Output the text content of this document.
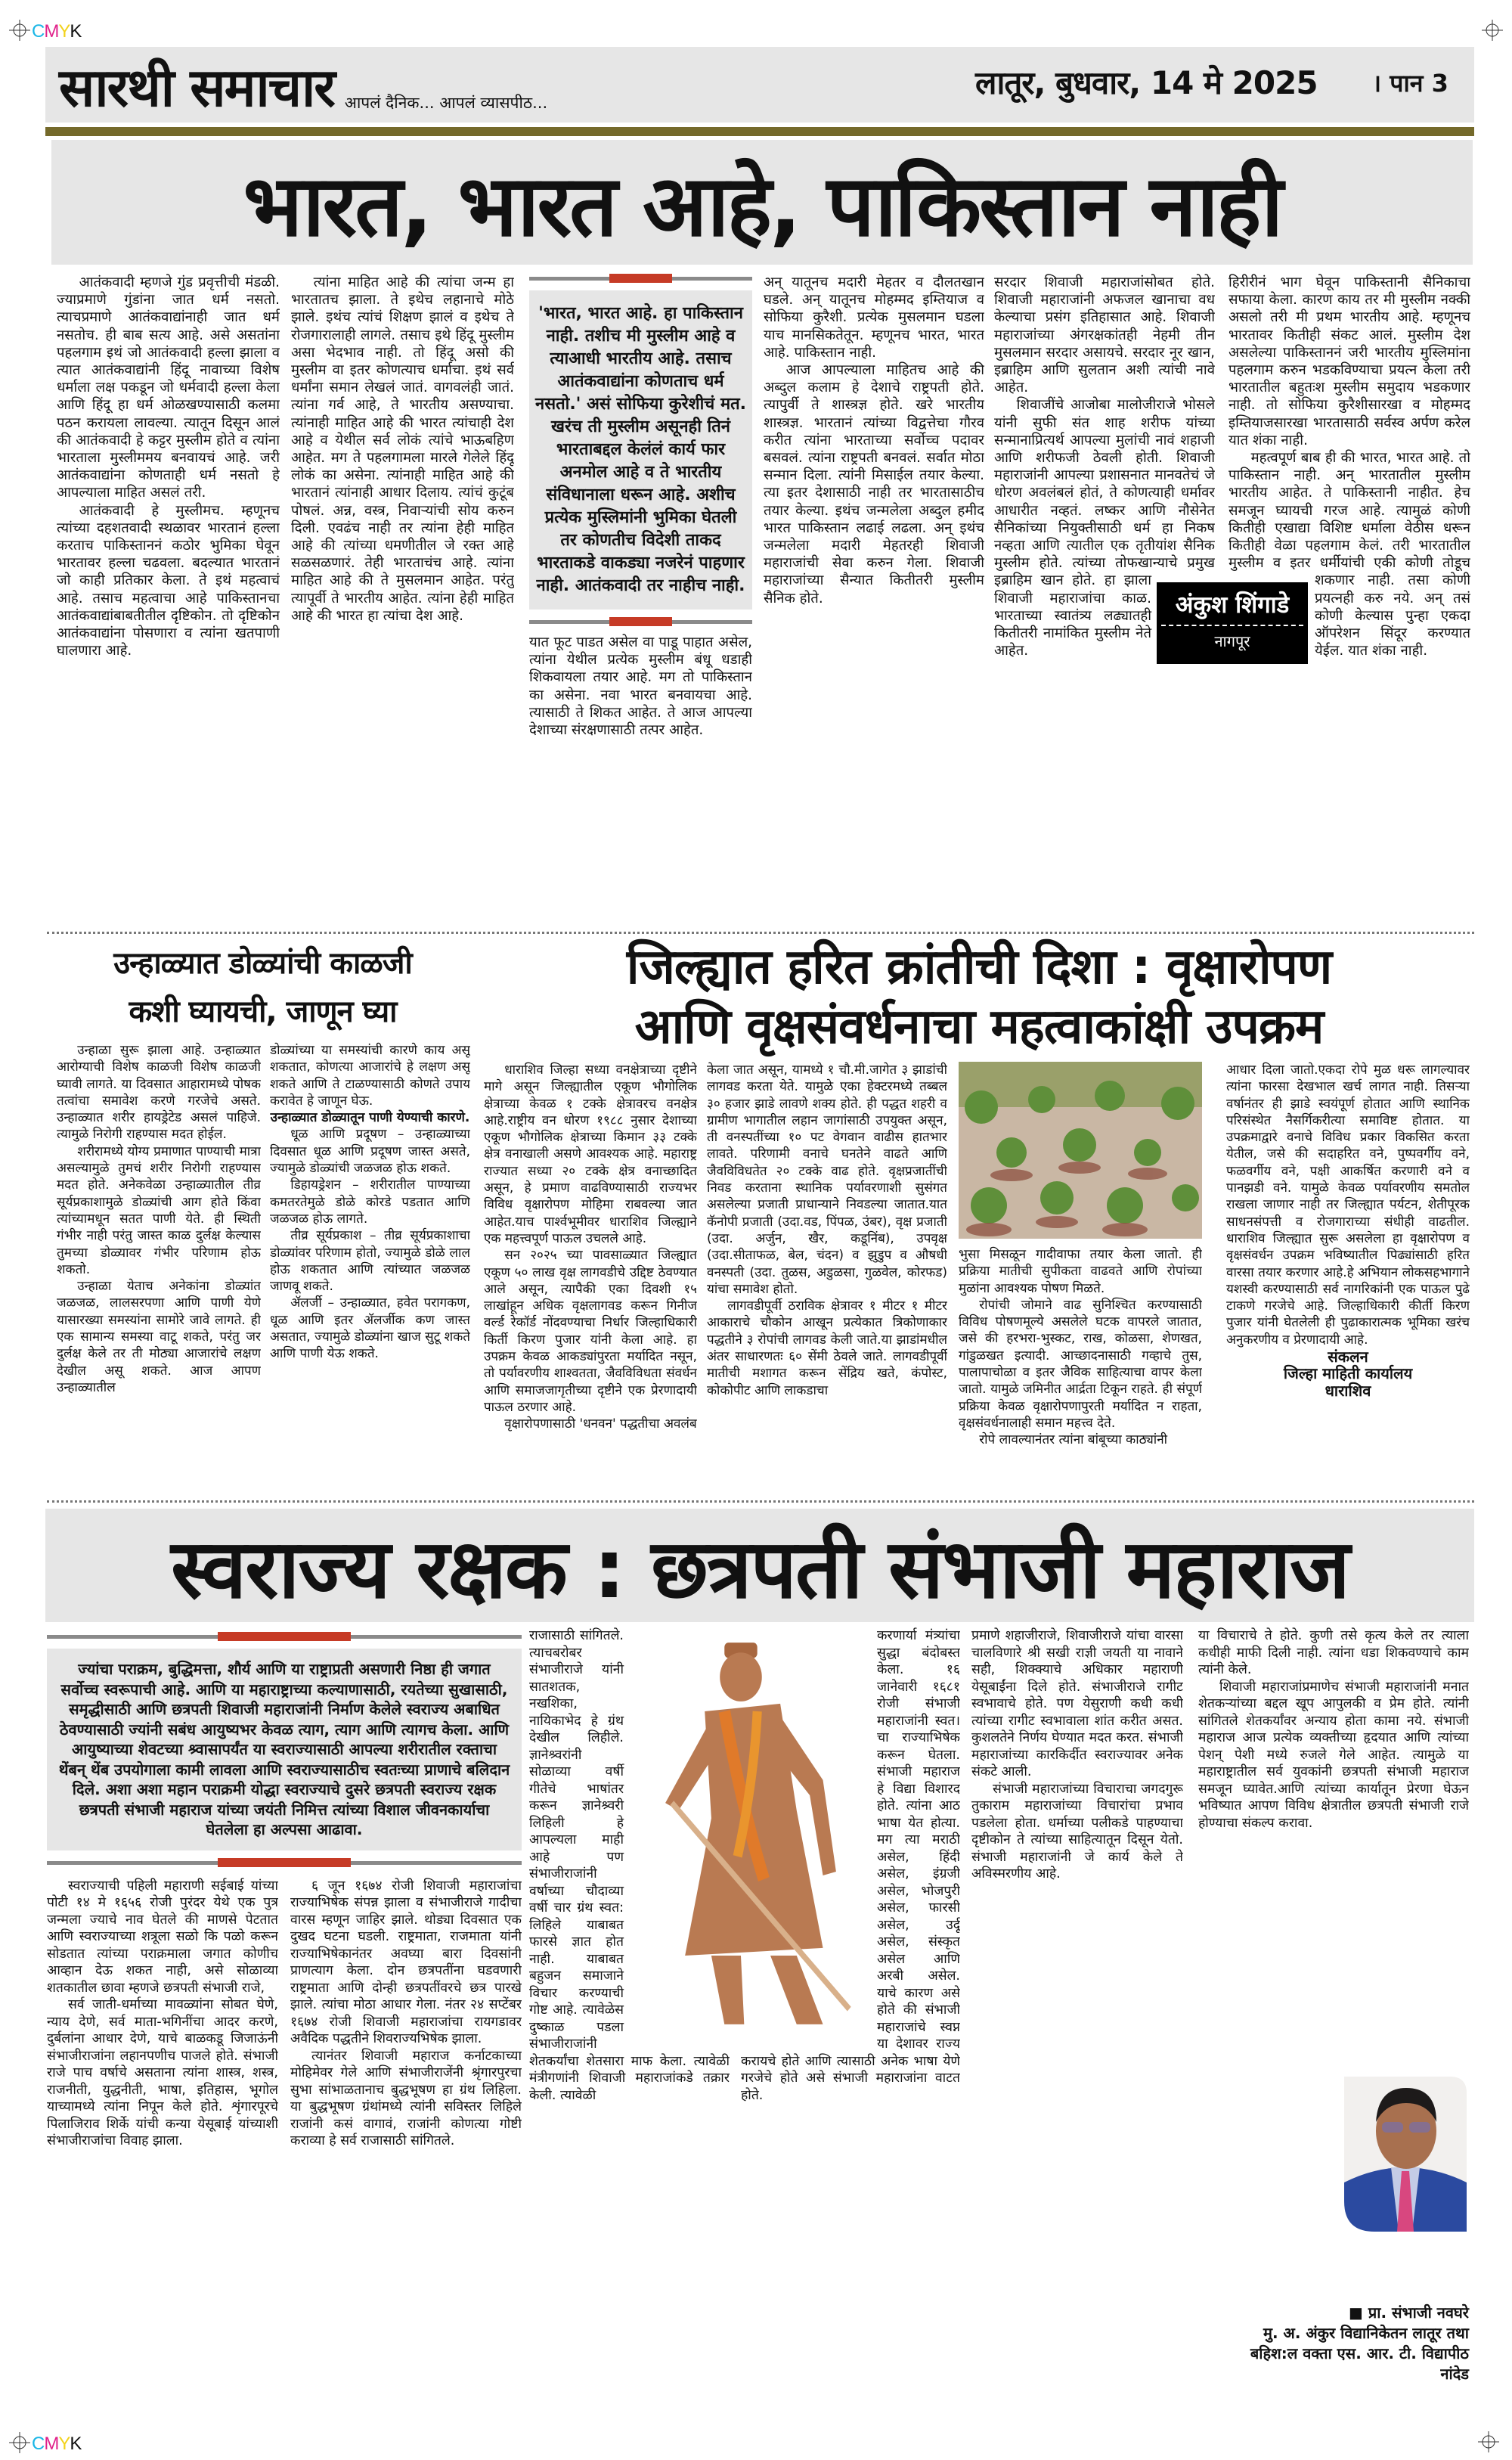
CMYK
सारथी समाचार आपलं दैनिक... आपलं व्यासपीठ...
लातूर, बुधवार, 14 मे 2025 । पान 3
भारत, भारत आहे, पाकिस्तान नाही

आतंकवादी म्हणजे गुंड प्रवृत्तीची मंडळी. ज्याप्रमाणे गुंडांना जात धर्म नसतो. त्याचप्रमाणे आतंकवाद्यांनाही जात धर्म नसतोच. ही बाब सत्य आहे. असे असतांना पहलगाम इथं जो आतंकवादी हल्ला झाला व त्यात आतंकवाद्यांनी हिंदू नावाच्या विशेष धर्माला लक्ष पकडून जो धर्मवादी हल्ला केला आणि हिंदू हा धर्म ओळखण्यासाठी कलमा पठन करायला लावल्या. त्यातून दिसून आलं की आतंकवादी हे कट्टर मुस्लीम होते व त्यांना भारताला मुस्लीममय बनवायचं आहे. जरी आतंकवाद्यांना कोणताही धर्म नसतो हे आपल्याला माहित असलं तरी.

आतंकवादी हे मुस्लीमच. म्हणूनच त्यांच्या दहशतवादी स्थळावर भारतानं हल्ला करताच पाकिस्ताननं कठोर भुमिका घेवून भारतावर हल्ला चढवला. बदल्यात भारतानं जो काही प्रतिकार केला. ते इथं महत्वाचं आहे. तसाच महत्वाचा आहे पाकिस्तानचा आतंकवाद्यांबाबतीतील दृष्टिकोन. तो दृष्टिकोन आतंकवाद्यांना पोसणारा व त्यांना खतपाणी घालणारा आहे.

त्यांना माहित आहे की त्यांचा जन्म हा भारतातच झाला. ते इथेच लहानाचे मोठे झाले. इथंच त्यांचं शिक्षण झालं व इथेच ते रोजगारालाही लागले. तसाच इथे हिंदू मुस्लीम असा भेदभाव नाही. तो हिंदू असो की मुस्लीम वा इतर कोणत्याच धर्माचा. इथं सर्व धर्मांना समान लेखलं जातं. वागवलंही जातं. त्यांना गर्व आहे, ते भारतीय असण्याचा. त्यांनाही माहित आहे की भारत त्यांचाही देश आहे व येथील सर्व लोकं त्यांचे भाऊबहिण आहेत. मग ते पहलगामला मारले गेलेले हिंदू लोकं का असेना. त्यांनाही माहित आहे की भारतानं त्यांनाही आधार दिलाय. त्यांचं कुटूंब पोषलं. अन्न, वस्त्र, निवाऱ्यांची सोय करुन दिली. एवढंच नाही तर त्यांना हेही माहित आहे की त्यांच्या धमणीतील जे रक्त आहे सळसळणारं. तेही भारताचंच आहे. त्यांना माहित आहे की ते मुसलमान आहेत. परंतु त्यापूर्वी ते भारतीय आहेत. त्यांना हेही माहित आहे की भारत हा त्यांचा देश आहे.

'भारत, भारत आहे. हा पाकिस्तान नाही. तशीच मी मुस्लीम आहे व त्याआधी भारतीय आहे. तसाच आतंकवाद्यांना कोणताच धर्म नसतो.' असं सोफिया कुरेशीचं मत. खरंच ती मुस्लीम असूनही तिनं भारताबद्दल केलंलं कार्य फार अनमोल आहे व ते भारतीय संविधानाला धरून आहे. अशीच प्रत्येक मुस्लिमांनी भुमिका घेतली तर कोणतीच विदेशी ताकद भारताकडे वाकड्या नजरेनं पाहणार नाही. आतंकवादी तर नाहीच नाही.

यात फूट पाडत असेल वा पाडू पाहात असेल, त्यांना येथील प्रत्येक मुस्लीम बंधू धडाही शिकवायला तयार आहे. मग तो पाकिस्तान का असेना. नवा भारत बनवायचा आहे. त्यासाठी ते शिकत आहेत. ते आज आपल्या देशाच्या संरक्षणासाठी तत्पर आहेत.

अन् यातूनच मदारी मेहतर व दौलतखान घडले. अन् यातूनच मोहम्मद इम्तियाज व सोफिया कुरैशी. प्रत्येक मुसलमान घडला याच मानसिकतेतून. म्हणूनच भारत, भारत आहे. पाकिस्तान नाही.

आज आपल्याला माहितच आहे की अब्दुल कलाम हे देशाचे राष्ट्रपती होते. त्यापुर्वी ते शास्त्रज्ञ होते. खरे भारतीय शास्त्रज्ञ. भारतानं त्यांच्या विद्वत्तेचा गौरव करीत त्यांना भारताच्या सर्वोच्च पदावर बसवलं. त्यांना राष्ट्रपती बनवलं. सर्वात मोठा सन्मान दिला. त्यांनी मिसाईल तयार केल्या. त्या इतर देशासाठी नाही तर भारतासाठीच तयार केल्या. इथंच जन्मलेला अब्दुल हमीद भारत पाकिस्तान लढाई लढला. अन् इथंच जन्मलेला मदारी मेहतरही शिवाजी महाराजांची सेवा करुन गेला. शिवाजी महाराजांच्या सैन्यात कितीतरी मुस्लीम सैनिक होते.

सरदार शिवाजी महाराजांसोबत होते. शिवाजी महाराजांनी अफजल खानाचा वध केल्याचा प्रसंग इतिहासात आहे. शिवाजी महाराजांच्या अंगरक्षकांतही नेहमी तीन मुसलमान सरदार असायचे. सरदार नूर खान, इब्राहिम आणि सुलतान अशी त्यांची नावे आहेत.

शिवाजींचे आजोबा मालोजीराजे भोसले यांनी सुफी संत शाह शरीफ यांच्या सन्मानाप्रित्यर्थ आपल्या मुलांची नावं शहाजी आणि शरीफजी ठेवली होती. शिवाजी महाराजांनी आपल्या प्रशासनात मानवतेचं जे धोरण अवलंबलं होतं, ते कोणत्याही धर्मावर आधारीत नव्हतं. लष्कर आणि नौसेनेत सैनिकांच्या नियुक्तीसाठी धर्म हा निकष नव्हता आणि त्यातील एक तृतीयांश सैनिक मुस्लीम होते. त्यांच्या तोफखान्याचे प्रमुख इब्राहिम खान होते. हा झाला शिवाजी महाराजांचा काळ. भारताच्या स्वातंत्र्य लढ्यातही कितीतरी नामांकित मुस्लीम नेते आहेत.

हिरीरीनं भाग घेवून पाकिस्तानी सैनिकाचा सफाया केला. कारण काय तर मी मुस्लीम नक्की असलो तरी मी प्रथम भारतीय आहे. म्हणूनच भारतावर कितीही संकट आलं. मुस्लीम देश असलेल्या पाकिस्ताननं जरी भारतीय मुस्लिमांना पहलगाम करुन भडकविण्याचा प्रयत्न केला तरी भारतातील बहुतःश मुस्लीम समुदाय भडकणार नाही. तो सोफिया कुरैशीसारखा व मोहम्मद इम्तियाजसारखा भारतासाठी सर्वस्व अर्पण करेल यात शंका नाही.

महत्वपूर्ण बाब ही की भारत, भारत आहे. तो पाकिस्तान नाही. अन् भारतातील मुस्लीम भारतीय आहेत. ते पाकिस्तानी नाहीत. हेच समजून घ्यायची गरज आहे. त्यामुळं कोणी कितीही एखाद्या विशिष्ट धर्माला वेठीस धरून कितीही वेळा पहलगाम केलं. तरी भारतातील मुस्लीम व इतर धर्मीयांची एकी कोणी तोडूच शकणार नाही. तसा कोणी प्रयत्नही करु नये. अन् तसं कोणी केल्यास पुन्हा एकदा ऑपरेशन सिंदूर करण्यात येईल. यात शंका नाही.

अंकुश शिंगाडे
नागपूर
उन्हाळ्यात डोळ्यांची काळजी
कशी घ्यायची, जाणून घ्या

उन्हाळा सुरू झाला आहे. उन्हाळ्यात आरोग्याची विशेष काळजी विशेष काळजी घ्यावी लागते. या दिवसात आहारामध्ये पोषक तत्वांचा समावेश करणे गरजेचे असते. उन्हाळ्यात शरीर हायड्रेटेड असलं पाहिजे. त्यामुळे निरोगी राहण्यास मदत होईल.

शरीरामध्ये योग्य प्रमाणात पाण्याची मात्रा असल्यामुळे तुमचं शरीर निरोगी राहण्यास मदत होते. अनेकवेळा उन्हाळ्यातील तीव्र सूर्यप्रकाशामुळे डोळ्यांची आग होते किंवा त्यांच्यामधून सतत पाणी येते. ही स्थिती गंभीर नाही परंतु जास्त काळ दुर्लक्ष केल्यास तुमच्या डोळ्यावर गंभीर परिणाम होऊ शकतो.

उन्हाळा येताच अनेकांना डोळ्यांत जळजळ, लालसरपणा आणि पाणी येणे यासारख्या समस्यांना सामोरे जावे लागते. ही एक सामान्य समस्या वाटू शकते, परंतु जर दुर्लक्ष केले तर ती मोठ्या आजारांचे लक्षण देखील असू शकते. आज आपण उन्हाळ्यातील

डोळ्यांच्या या समस्यांची कारणे काय असू शकतात, कोणत्या आजारांचे हे लक्षण असू शकते आणि ते टाळण्यासाठी कोणते उपाय करावेत हे जाणून घेऊ.

उन्हाळ्यात डोळ्यातून पाणी येण्याची कारणे.

धूळ आणि प्रदूषण – उन्हाळ्याच्या दिवसात धूळ आणि प्रदूषण जास्त असते, ज्यामुळे डोळ्यांची जळजळ होऊ शकते.

डिहायड्रेशन – शरीरातील पाण्याच्या कमतरतेमुळे डोळे कोरडे पडतात आणि जळजळ होऊ लागते.

तीव्र सूर्यप्रकाश – तीव्र सूर्यप्रकाशाचा डोळ्यांवर परिणाम होतो, ज्यामुळे डोळे लाल होऊ शकतात आणि त्यांच्यात जळजळ जाणवू शकते.

ॲलर्जी – उन्हाळ्यात, हवेत परागकण, धूळ आणि इतर ॲलर्जीक कण जास्त असतात, ज्यामुळे डोळ्यांना खाज सुटू शकते आणि पाणी येऊ शकते.

जिल्ह्यात हरित क्रांतीची दिशा : वृक्षारोपण
आणि वृक्षसंवर्धनाचा महत्वाकांक्षी उपक्रम

धाराशिव जिल्हा सध्या वनक्षेत्राच्या दृष्टीने मागे असून जिल्ह्यातील एकूण भौगोलिक क्षेत्राच्या केवळ १ टक्के क्षेत्रावरच वनक्षेत्र आहे.राष्ट्रीय वन धोरण १९८८ नुसार देशाच्या एकूण भौगोलिक क्षेत्राच्या किमान ३३ टक्के क्षेत्र वनाखाली असणे आवश्यक आहे. महाराष्ट्र राज्यात सध्या २० टक्के क्षेत्र वनाच्छादित असून, हे प्रमाण वाढविण्यासाठी राज्यभर विविध वृक्षारोपण मोहिमा राबवल्या जात आहेत.याच पार्श्वभूमीवर धाराशिव जिल्ह्याने एक महत्त्वपूर्ण पाऊल उचलले आहे.

सन २०२५ च्या पावसाळ्यात जिल्ह्यात एकूण ५० लाख वृक्ष लागवडीचे उद्दिष्ट ठेवण्यात आले असून, त्यापैकी एका दिवशी १५ लाखांहून अधिक वृक्षलागवड करून गिनीज वर्ल्ड रेकॉर्ड नोंदवण्याचा निर्धार जिल्हाधिकारी किर्ती किरण पुजार यांनी केला आहे. हा उपक्रम केवळ आकड्यांपुरता मर्यादित नसून, तो पर्यावरणीय शाश्वतता, जैवविविधता संवर्धन आणि समाजजागृतीच्या दृष्टीने एक प्रेरणादायी पाऊल ठरणार आहे.

वृक्षारोपणासाठी 'धनवन' पद्धतीचा अवलंब

केला जात असून, यामध्ये १ चौ.मी.जागेत ३ झाडांची लागवड करता येते. यामुळे एका हेक्टरमध्ये तब्बल ३० हजार झाडे लावणे शक्य होते. ही पद्धत शहरी व ग्रामीण भागातील लहान जागांसाठी उपयुक्त असून, ती वनस्पतींच्या १० पट वेगवान वाढीस हातभार लावते. परिणामी वनाचे घनतेने वाढते आणि जैवविविधतेत २० टक्के वाढ होते. वृक्षप्रजातींची निवड करताना स्थानिक पर्यावरणाशी सुसंगत असलेल्या प्रजाती प्राधान्याने निवडल्या जातात.यात कॅनोपी प्रजाती (उदा.वड, पिंपळ, उंबर), वृक्ष प्रजाती (उदा. अर्जुन, खैर, कडूनिंब), उपवृक्ष (उदा.सीताफळ, बेल, चंदन) व झुडुप व औषधी वनस्पती (उदा. तुळस, अडुळसा, गुळवेल, कोरफड) यांचा समावेश होतो.

लागवडीपूर्वी ठराविक क्षेत्रावर १ मीटर १ मीटर आकाराचे चौकोन आखून प्रत्येकात त्रिकोणाकार पद्धतीने ३ रोपांची लागवड केली जाते.या झाडांमधील अंतर साधारणतः ६० सेंमी ठेवले जाते. लागवडीपूर्वी मातीची मशागत करून सेंद्रिय खते, कंपोस्ट, कोकोपीट आणि लाकडाचा

भुसा मिसळून गादीवाफा तयार केला जातो. ही प्रक्रिया मातीची सुपीकता वाढवते आणि रोपांच्या मुळांना आवश्यक पोषण मिळते.

रोपांची जोमाने वाढ सुनिश्चित करण्यासाठी विविध पोषणमूल्ये असलेले घटक वापरले जातात, जसे की हरभरा-भुस्कट, राख, कोळसा, शेणखत, गांडुळखत इत्यादी. आच्छादनासाठी गव्हाचे तुस, पालापाचोळा व इतर जैविक साहित्याचा वापर केला जातो. यामुळे जमिनीत आर्द्रता टिकून राहते. ही संपूर्ण प्रक्रिया केवळ वृक्षारोपणापुरती मर्यादित न राहता, वृक्षसंवर्धनालाही समान महत्त्व देते.

रोपे लावल्यानंतर त्यांना बांबूच्या काठ्यांनी

आधार दिला जातो.एकदा रोपे मुळ धरू लागल्यावर त्यांना फारसा देखभाल खर्च लागत नाही. तिसऱ्या वर्षानंतर ही झाडे स्वयंपूर्ण होतात आणि स्थानिक परिसंस्थेत नैसर्गिकरीत्या समाविष्ट होतात. या उपक्रमाद्वारे वनाचे विविध प्रकार विकसित करता येतील, जसे की सदाहरित वने, पुष्पवर्गीय वने, फळवर्गीय वने, पक्षी आकर्षित करणारी वने व पानझडी वने. यामुळे केवळ पर्यावरणीय समतोल राखला जाणार नाही तर जिल्ह्यात पर्यटन, शेतीपूरक साधनसंपत्ती व रोजगाराच्या संधीही वाढतील. धाराशिव जिल्ह्यात सुरू असलेला हा वृक्षारोपण व वृक्षसंवर्धन उपक्रम भविष्यातील पिढ्यांसाठी हरित वारसा तयार करणार आहे.हे अभियान लोकसहभागाने यशस्वी करण्यासाठी सर्व नागरिकांनी एक पाऊल पुढे टाकणे गरजेचे आहे. जिल्हाधिकारी कीर्ती किरण पुजार यांनी घेतलेली ही पुढाकारात्मक भूमिका खरंच अनुकरणीय व प्रेरणादायी आहे.

संकलन

जिल्हा माहिती कार्यालय

धाराशिव

स्वराज्य रक्षक : छत्रपती संभाजी महाराज
ज्यांचा पराक्रम, बुद्धिमत्ता, शौर्य आणि या राष्ट्राप्रती असणारी निष्ठा ही जगात सर्वोच्च स्वरूपाची आहे. आणि या महाराष्ट्राच्या कल्याणासाठी, रयतेच्या सुखासाठी, समृद्धीसाठी आणि छत्रपती शिवाजी महाराजांनी निर्माण केलेले स्वराज्य अबाधित ठेवण्यासाठी ज्यांनी सबंध आयुष्यभर केवळ त्याग, त्याग आणि त्यागच केला. आणि आयुष्याच्या शेवटच्या श्र्वासापर्यंत या स्वराज्यासाठी आपल्या शरीरातील रक्ताचा थेंबन् थेंब उपयोगाला कामी लावला आणि स्वराज्यासाठीच स्वतःच्या प्राणाचे बलिदान दिले. अशा अशा महान पराक्रमी योद्धा स्वराज्याचे दुसरे छत्रपती स्वराज्य रक्षक छत्रपती संभाजी महाराज यांच्या जयंती निमित्त त्यांच्या विशाल जीवनकार्याचा घेतलेला हा अल्पसा आढावा.

स्वराज्याची पहिली महाराणी सईबाई यांच्या पोटी १४ मे १६५६ रोजी पुरंदर येथे एक पुत्र जन्मला ज्याचे नाव घेतले की माणसे पेटतात आणि स्वराज्याच्या शत्रूला सळो कि पळो करून सोडतात त्यांच्या पराक्रमाला जगात कोणीच आव्हान देऊ शकत नाही, असे सोळाव्या शतकातील छावा म्हणजे छत्रपती संभाजी राजे,

सर्व जाती-धर्माच्या मावळ्यांना सोबत घेणे, न्याय देणे, सर्व माता-भगिनींचा आदर करणे, दुर्बलांना आधार देणे, याचे बाळकडू जिजाऊंनी संभाजीराजांना लहानपणीच पाजले होते. संभाजी राजे पाच वर्षाचे असताना त्यांना शास्त्र, शस्त्र, राजनीती, युद्धनीती, भाषा, इतिहास, भूगोल याच्यामध्ये त्यांना निपून केले होते. शृंगारपूरचे पिलाजिराव शिर्के यांची कन्या येसूबाई यांच्याशी संभाजीराजांचा विवाह झाला.

६ जून १६७४ रोजी शिवाजी महाराजांचा राज्याभिषेक संपन्न झाला व संभाजीराजे गादीचा वारस म्हणून जाहिर झाले. थोड्या दिवसात एक दुखद घटना घडली. राष्ट्रमाता, राजमाता यांनी राज्याभिषेकानंतर अवघ्या बारा दिवसांनी प्राणत्याग केला. दोन छत्रपतींना घडवणारी राष्ट्रमाता आणि दोन्ही छत्रपतींवरचे छत्र पारखे झाले. त्यांचा मोठा आधार गेला. नंतर २४ सप्टेंबर १६७४ रोजी शिवाजी महाराजांचा रायगडावर अवैदिक पद्धतीने शिवराज्यभिषेक झाला.

त्यानंतर शिवाजी महाराज कर्नाटकाच्या मोहिमेवर गेले आणि संभाजीराजेंनी श्रृंगारपुरचा सुभा सांभाळतानाच बुद्धभूषण हा ग्रंथ लिहिला. या बुद्धभूषण ग्रंथांमध्ये त्यांनी सविस्तर लिहिले राजांनी कसं वागावं, राजांनी कोणत्या गोष्टी कराव्या हे सर्व राजासाठी सांगितले.

राजासाठी सांगितले. त्याचबरोबर संभाजीराजे यांनी सातशतक, नखशिका, नायिकाभेद हे ग्रंथ देखील लिहीले. ज्ञानेश्र्वरांनी सोळाव्या वर्षी गीतेचे भाषांतर करून ज्ञानेश्र्वरी लिहिली हे आपल्यला माही आहे पण संभाजीराजांनी वर्षाच्या चौदाव्या वर्षी चार ग्रंथ स्वत: लिहिले याबाबत फारसे ज्ञात होत नाही. याबाबत बहुजन समाजाने विचार करण्याची गोष्ट आहे. त्यावेळेस दुष्काळ पडला संभाजीराजांनी शेतकर्यांचा शेतसारा माफ केला. त्यावेळी मंत्रीगणांनी शिवाजी महाराजांकडे तक्रार केली. त्यावेळी

करणार्या मंत्र्यांचा सुद्धा बंदोबस्त केला. १६ जानेवारी १६८१ रोजी संभाजी महाराजांनी स्वत।चा राज्याभिषेक करून घेतला. संभाजी महाराज हे विद्या विशारद होते. त्यांना आठ भाषा येत होत्या. मग त्या मराठी असेल, हिंदी असेल, इंग्रजी असेल, भोजपुरी असेल, फारसी असेल, उर्दू असेल, संस्कृत असेल आणि अरबी असेल. याचे कारण असे होते की संभाजी महाराजांचे स्वप्न या देशावर राज्य करायचे होते आणि त्यासाठी अनेक भाषा येणे गरजेचे होते असे संभाजी महाराजांना वाटत होते.

प्रमाणे शहाजीराजे, शिवाजीराजे यांचा वारसा चालविणारे श्री सखी राज्ञी जयती या नावाने सही, शिक्क्याचे अधिकार महाराणी येसूबाईंना दिले होते. संभाजीराजे रागीट स्वभावाचे होते. पण येसुराणी कधी कधी त्यांच्या रागीट स्वभावाला शांत करीत असत. कुशलतेने निर्णय घेण्यात मदत करत. संभाजी महाराजांच्या कारकिर्दीत स्वराज्यावर अनेक संकटे आली.

संभाजी महाराजांच्या विचाराचा जगदगुरू तुकाराम महाराजांच्या विचारांचा प्रभाव पडलेला होता. धर्माच्या पलीकडे पाहण्याचा दृष्टीकोन ते त्यांच्या साहित्यातून दिसून येतो. संभाजी महाराजांनी जे कार्य केले ते अविस्मरणीय आहे.

या विचाराचे ते होते. कुणी तसे कृत्य केले तर त्याला कधीही माफी दिली नाही. त्यांना धडा शिकवण्याचे काम त्यांनी केले.

शिवाजी महाराजांप्रमाणेच संभाजी महाराजांनी मनात शेतकऱ्यांच्या बद्दल खूप आपुलकी व प्रेम होते. त्यांनी सांगितले शेतकर्यांवर अन्याय होता कामा नये. संभाजी महाराज आज प्रत्येक व्यक्तीच्या हृदयात आणि त्यांच्या पेशन् पेशी मध्ये रुजले गेले आहेत. त्यामुळे या महाराष्ट्रातील सर्व युवकांनी छत्रपती संभाजी महाराज समजून घ्यावेत.आणि त्यांच्या कार्यातून प्रेरणा घेऊन भविष्यात आपण विविध क्षेत्रातील छत्रपती संभाजी राजे होण्याचा संकल्प करावा.

■ प्रा. संभाजी नवघरे

मु. अ. अंकुर विद्यानिकेतन लातूर तथा

बहिश:ल वक्ता एस. आर. टी. विद्यापीठ

नांदेड

CMYK
